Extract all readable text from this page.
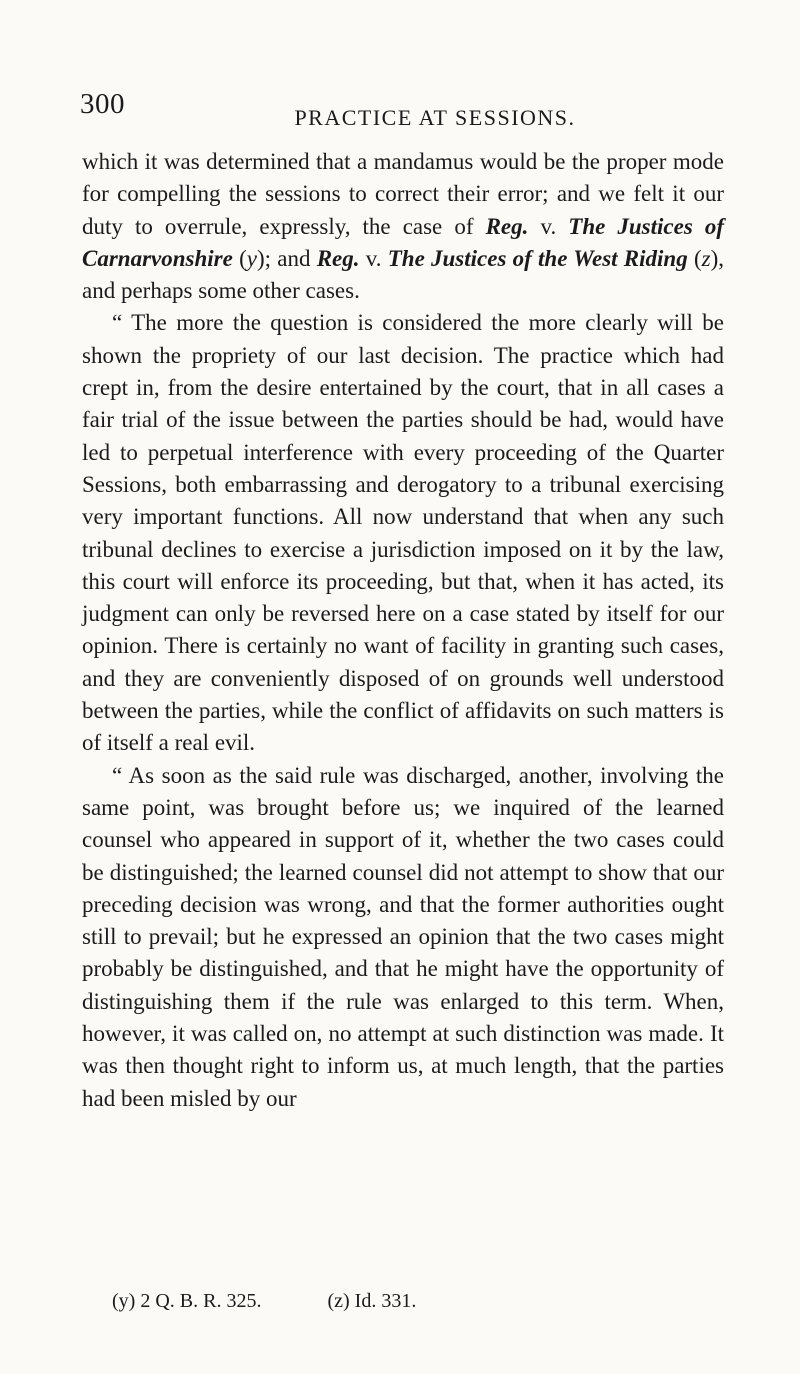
300	PRACTICE AT SESSIONS.

which it was determined that a mandamus would be the proper mode for compelling the sessions to correct their error; and we felt it our duty to overrule, expressly, the case of Reg. v. The Justices of Carnarvonshire (y); and Reg. v. The Justices of the West Riding (z), and perhaps some other cases.

“ The more the question is considered the more clearly will be shown the propriety of our last decision. The practice which had crept in, from the desire entertained by the court, that in all cases a fair trial of the issue between the parties should be had, would have led to perpetual interference with every proceeding of the Quarter Sessions, both embarrassing and derogatory to a tribunal exercising very important functions. All now understand that when any such tribunal declines to exercise a jurisdiction imposed on it by the law, this court will enforce its proceeding, but that, when it has acted, its judgment can only be reversed here on a case stated by itself for our opinion. There is certainly no want of facility in granting such cases, and they are conveniently disposed of on grounds well understood between the parties, while the conflict of affidavits on such matters is of itself a real evil.

“ As soon as the said rule was discharged, another, involving the same point, was brought before us; we inquired of the learned counsel who appeared in support of it, whether the two cases could be distinguished; the learned counsel did not attempt to show that our preceding decision was wrong, and that the former authorities ought still to prevail; but he expressed an opinion that the two cases might probably be distinguished, and that he might have the opportunity of distinguishing them if the rule was enlarged to this term. When, however, it was called on, no attempt at such distinction was made. It was then thought right to inform us, at much length, that the parties had been misled by our

(y) 2 Q. B. R. 325.	(z) Id. 331.
